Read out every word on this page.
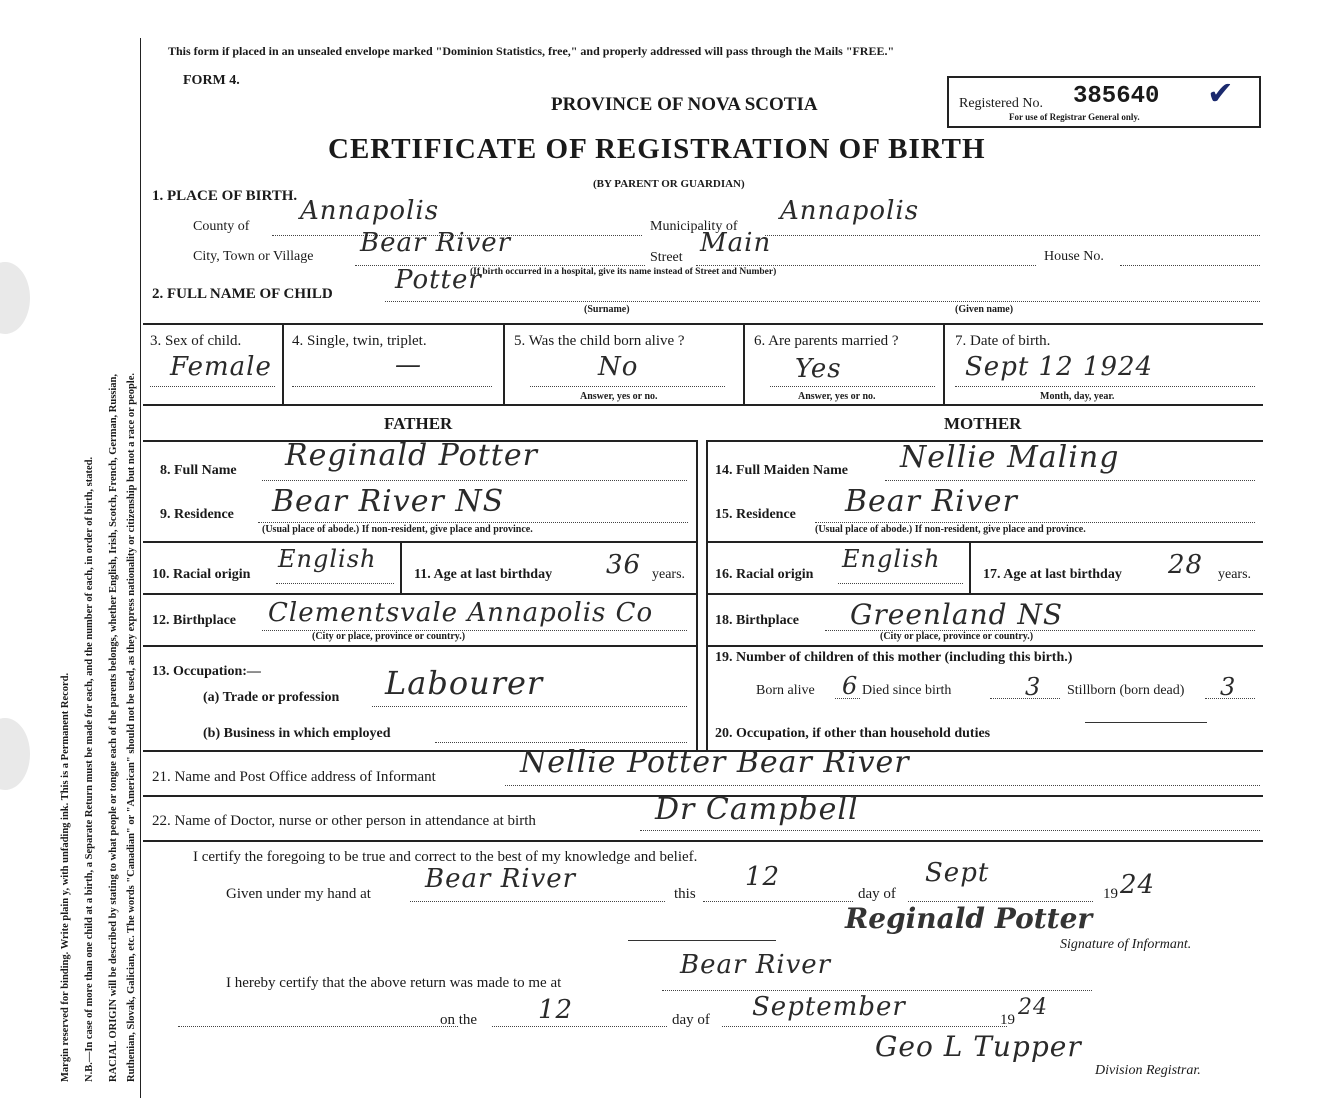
Margin reserved for binding. Write plain y, with unfading ink. This is a Permanent Record. N.B.—In case of more than one child at a birth, a Separate Return must be made for each, and the number of each, in order of birth, stated. RACIAL ORIGIN will be described by stating to what people or tongue each of the parents belongs, whether English, Irish, Scotch, French, German, Russian, Ruthenian, Slovak, Galician, etc. The words "Canadian" or "American" should not be used, as they express nationality or citizenship but not a race or people.
This form if placed in an unsealed envelope marked "Dominion Statistics, free," and properly addressed will pass through the Mails "FREE."
FORM 4.
PROVINCE OF NOVA SCOTIA
CERTIFICATE OF REGISTRATION OF BIRTH
(BY PARENT OR GUARDIAN)
Registered No. 385640 ✔
For use of Registrar General only.
1. PLACE OF BIRTH.
County of
Annapolis
Municipality of
Annapolis
City, Town or Village Bear River	Street Main	House No.
(If birth occurred in a hospital, give its name instead of Street and Number)
2. FULL NAME OF CHILD Potter
(Surname)	(Given name)
3. Sex of child.
Female
4. Single, twin, triplet.
—
5. Was the child born alive ?
No
Answer, yes or no.
6. Are parents married ?
Yes
Answer, yes or no.
7. Date of birth.
Sept 12 1924
Month, day, year.
FATHER	MOTHER
8. Full Name Reginald Potter	14. Full Maiden Name Nellie Maling
9. Residence Bear River NS
(Usual place of abode.) If non-resident, give place and province.
15. Residence Bear River
(Usual place of abode.) If non-resident, give place and province.
10. Racial origin
English
11. Age at last birthday 36 years. 16. Racial origin
English
17. Age at last birthday 28 years.
12. Birthplace Clementsvale Annapolis Co
(City or place, province or country.)
18. Birthplace Greenland NS
(City or place, province or country.)
13. Occupation:—
(a) Trade or profession Labourer
(b) Business in which employed
19. Number of children of this mother (including this birth.)
Born alive 6 Died since birth	3 Stillborn (born dead) 3
20. Occupation, if other than household duties
21. Name and Post Office address of Informant	Nellie Potter Bear River
22. Name of Doctor, nurse or other person in attendance at birth	Dr Campbell
I certify the foregoing to be true and correct to the best of my knowledge and belief.
Given under my hand at Bear River	this
12
day of
Sept
19 24
Reginald Potter
Signature of Informant.
I hereby certify that the above return was made to me at
Bear River
on the 12	day of September	19 24
Geo L Tupper
Division Registrar.
